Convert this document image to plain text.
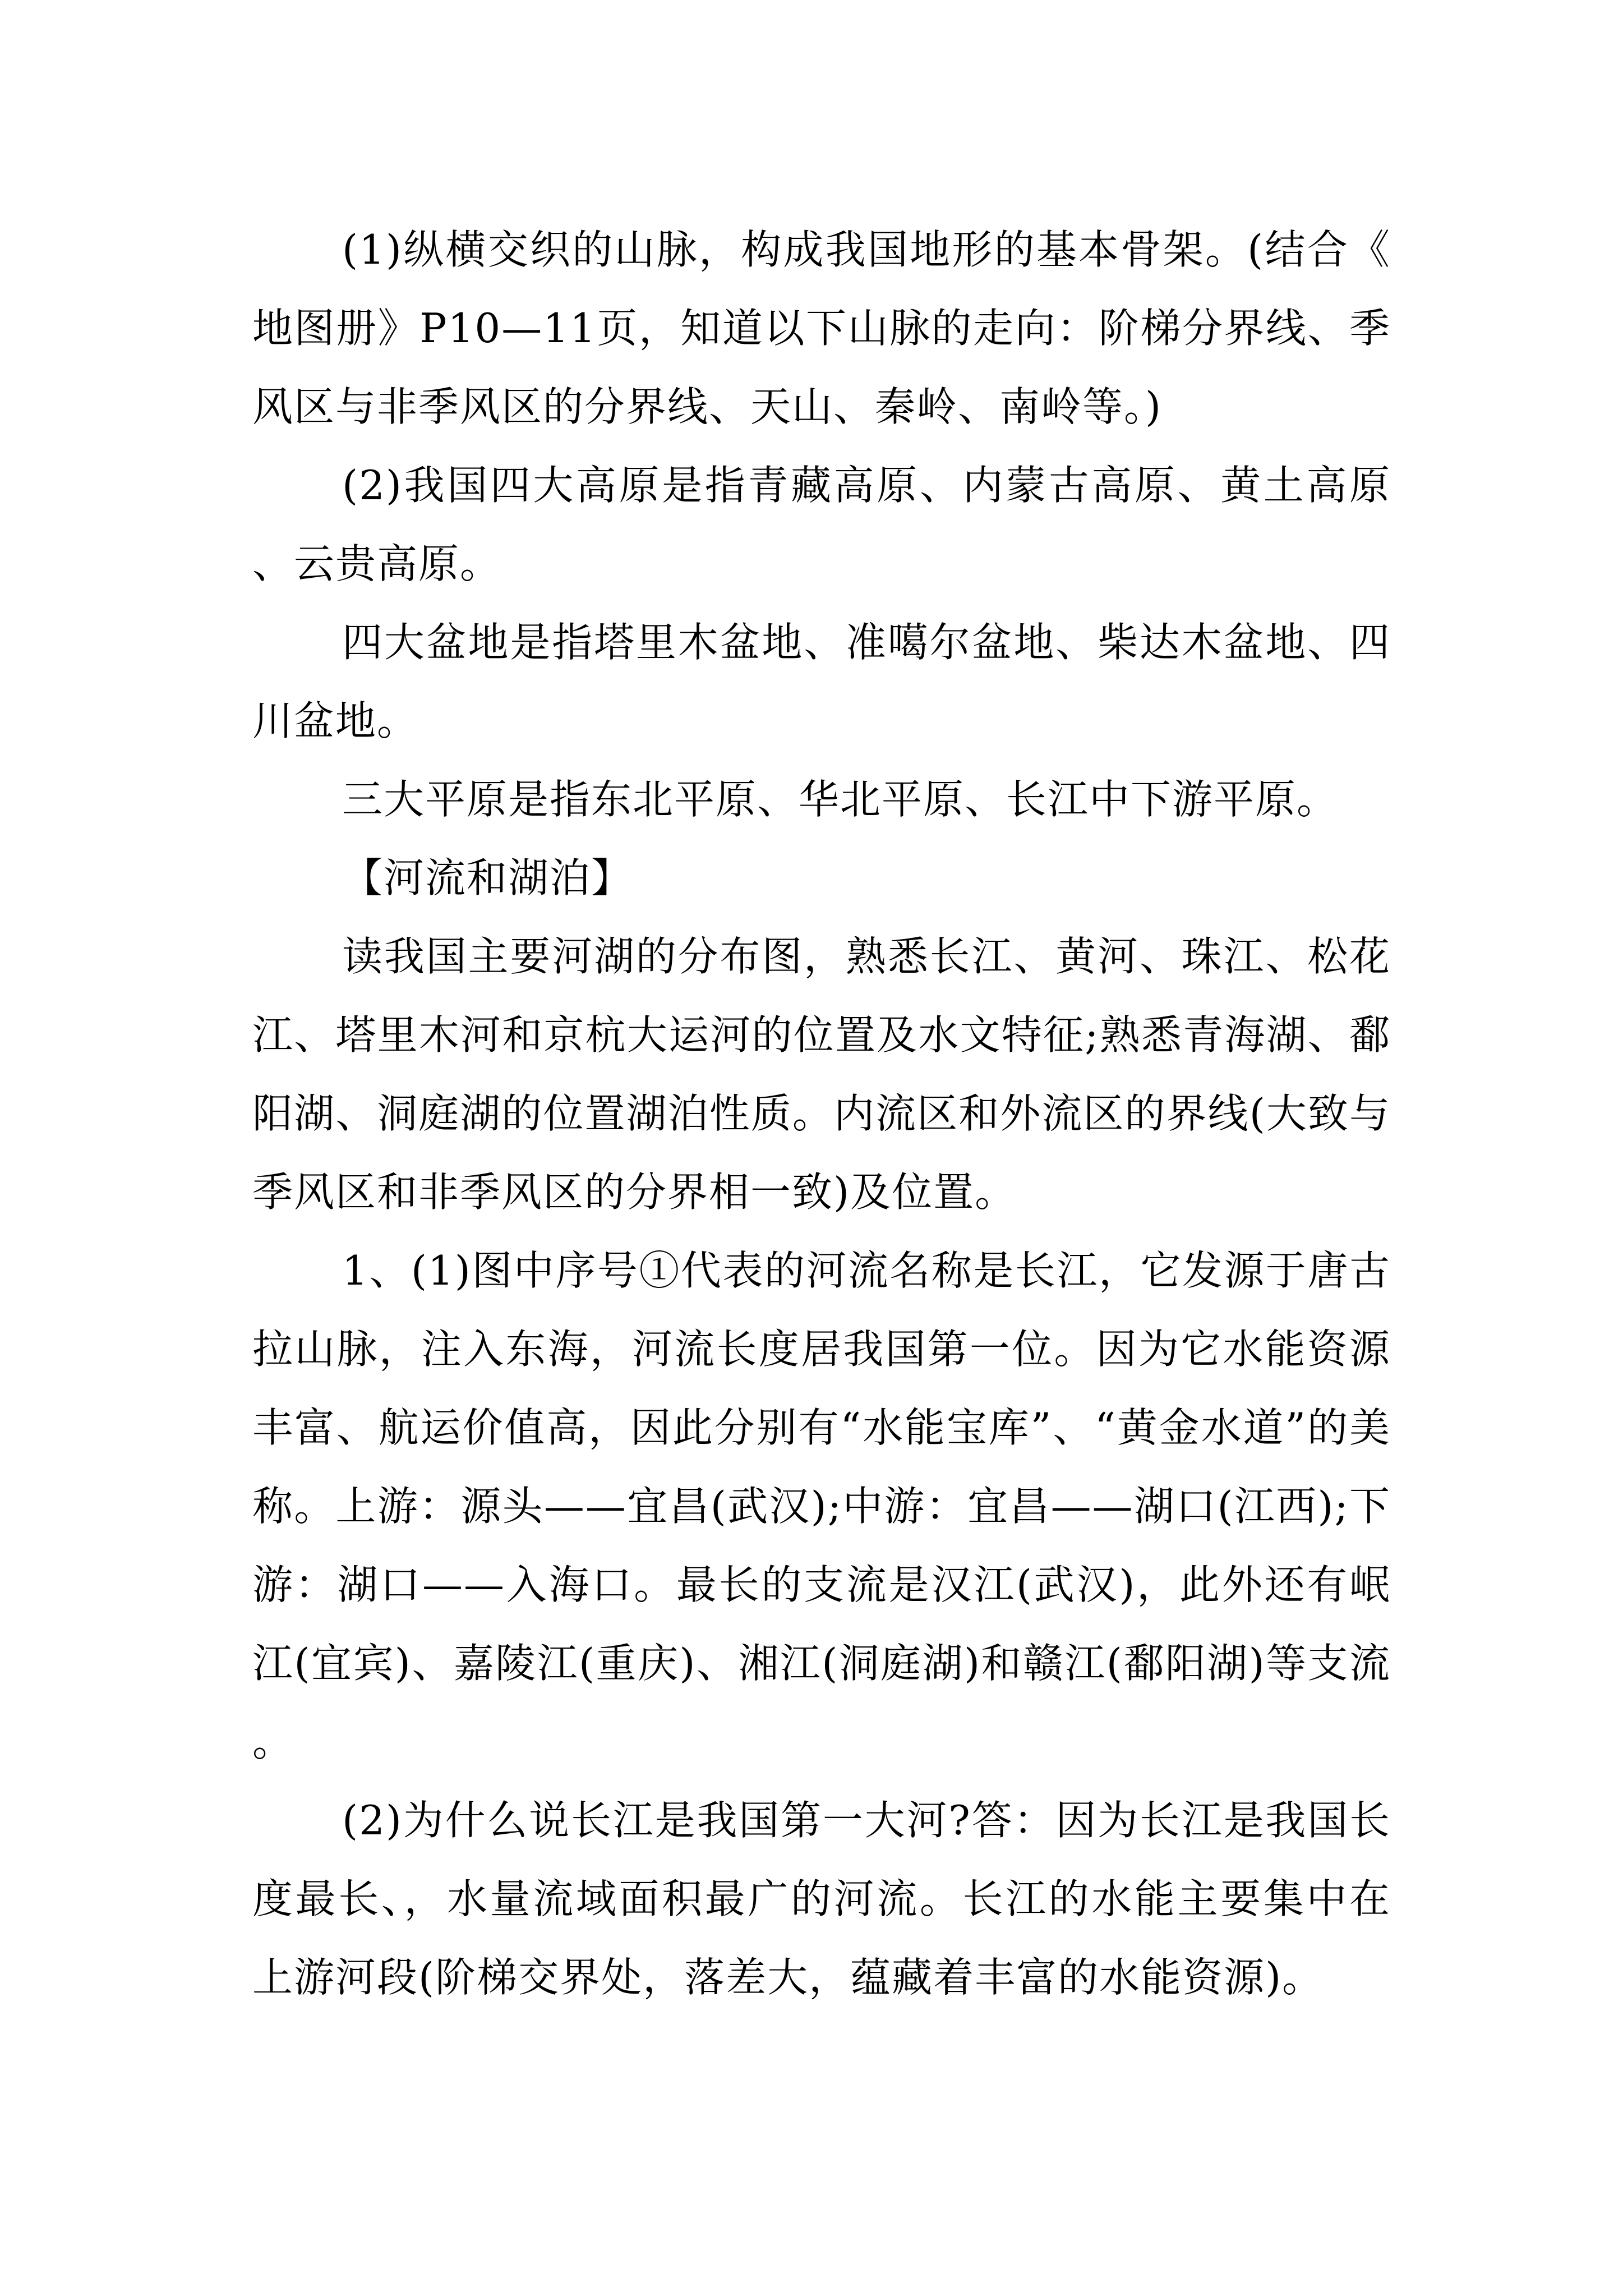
(1)纵横交织的山脉，构成我国地形的基本骨架。(结合《地图册》P10—11页，知道以下山脉的走向：阶梯分界线、季风区与非季风区的分界线、天山、秦岭、南岭等。)

(2)我国四大高原是指青藏高原、内蒙古高原、黄土高原、云贵高原。

四大盆地是指塔里木盆地、准噶尔盆地、柴达木盆地、四川盆地。

三大平原是指东北平原、华北平原、长江中下游平原。

【河流和湖泊】

读我国主要河湖的分布图，熟悉长江、黄河、珠江、松花江、塔里木河和京杭大运河的位置及水文特征;熟悉青海湖、鄱阳湖、洞庭湖的位置湖泊性质。内流区和外流区的界线(大致与季风区和非季风区的分界相一致)及位置。

1、(1)图中序号①代表的河流名称是长江，它发源于唐古拉山脉，注入东海，河流长度居我国第一位。因为它水能资源丰富、航运价值高，因此分别有“水能宝库”、“黄金水道”的美称。上游：源头——宜昌(武汉);中游：宜昌——湖口(江西);下游：湖口——入海口。最长的支流是汉江(武汉)，此外还有岷江(宜宾)、嘉陵江(重庆)、湘江(洞庭湖)和赣江(鄱阳湖)等支流。

(2)为什么说长江是我国第一大河?答：因为长江是我国长度最长、，水量流域面积最广的河流。长江的水能主要集中在上游河段(阶梯交界处，落差大，蕴藏着丰富的水能资源)。
